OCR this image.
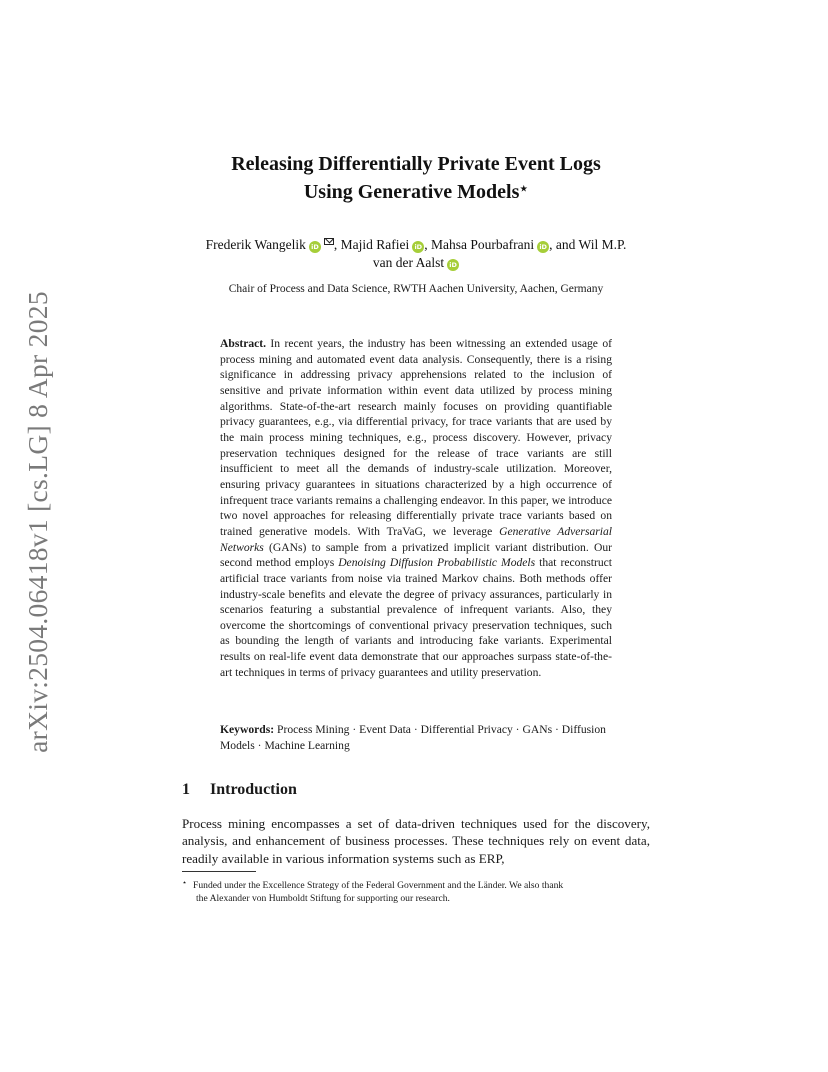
arXiv:2504.06418v1 [cs.LG] 8 Apr 2025
Releasing Differentially Private Event Logs
Using Generative Models⋆
Frederik Wangelik iD , Majid Rafiei iD , Mahsa Pourbafrani iD , and Wil M.P.
van der Aalst iD
Chair of Process and Data Science, RWTH Aachen University, Aachen, Germany
Abstract. In recent years, the industry has been witnessing an extended usage of process mining and automated event data analysis. Consequently, there is a rising significance in addressing privacy apprehensions related to the inclusion of sensitive and private information within event data utilized by process mining algorithms. State-of-the-art research mainly focuses on providing quantifiable privacy guarantees, e.g., via differential privacy, for trace variants that are used by the main process mining techniques, e.g., process discovery. However, privacy preservation techniques designed for the release of trace variants are still insufficient to meet all the demands of industry-scale utilization. Moreover, ensuring privacy guarantees in situations characterized by a high occurrence of infrequent trace variants remains a challenging endeavor. In this paper, we introduce two novel approaches for releasing differentially private trace variants based on trained generative models. With TraVaG, we leverage Generative Adversarial Networks (GANs) to sample from a privatized implicit variant distribution. Our second method employs Denoising Diffusion Probabilistic Models that reconstruct artificial trace variants from noise via trained Markov chains. Both methods offer industry-scale benefits and elevate the degree of privacy assurances, particularly in scenarios featuring a substantial prevalence of infrequent variants. Also, they overcome the shortcomings of conventional privacy preservation techniques, such as bounding the length of variants and introducing fake variants. Experimental results on real-life event data demonstrate that our approaches surpass state-of-the-art techniques in terms of privacy guarantees and utility preservation.
Keywords: Process Mining · Event Data · Differential Privacy · GANs · Diffusion Models · Machine Learning
1 Introduction
Process mining encompasses a set of data-driven techniques used for the discovery, analysis, and enhancement of business processes. These techniques rely on event data, readily available in various information systems such as ERP,
⋆ Funded under the Excellence Strategy of the Federal Government and the Länder. We also thank
the Alexander von Humboldt Stiftung for supporting our research.
